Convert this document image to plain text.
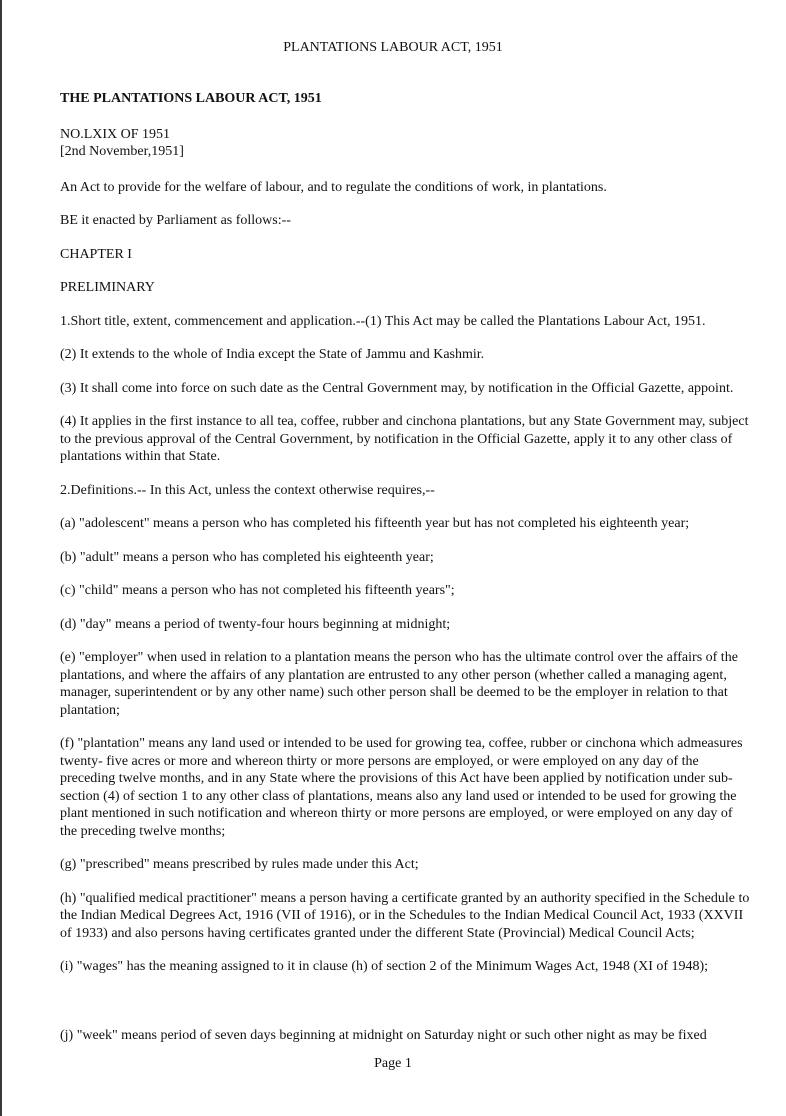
PLANTATIONS LABOUR ACT, 1951

THE PLANTATIONS LABOUR ACT, 1951

NO.LXIX OF 1951

[2nd November,1951]

An Act to provide for the welfare of labour, and to regulate the conditions of work, in plantations.

BE it enacted by Parliament as follows:--

CHAPTER I

PRELIMINARY

1.Short title, extent, commencement and application.--(1) This Act may be called the Plantations Labour Act, 1951.

(2) It extends to the whole of India except the State of Jammu and Kashmir.

(3) It shall come into force on such date as the Central Government may, by notification in the Official Gazette, appoint.

(4) It applies in the first instance to all tea, coffee, rubber and cinchona plantations, but any State Government may, subject to the previous approval of the Central Government, by notification in the Official Gazette, apply it to any other class of plantations within that State.

2.Definitions.-- In this Act, unless the context otherwise requires,--

(a) "adolescent" means a person who has completed his fifteenth year but has not completed his eighteenth year;

(b) "adult" means a person who has completed his eighteenth year;

(c) "child" means a person who has not completed his fifteenth years";

(d) "day" means a period of twenty-four hours beginning at midnight;

(e) "employer" when used in relation to a plantation means the person who has the ultimate control over the affairs of the plantations, and where the affairs of any plantation are entrusted to any other person (whether called a managing agent, manager, superintendent or by any other name) such other person shall be deemed to be the employer in relation to that plantation;

(f) "plantation" means any land used or intended to be used for growing tea, coffee, rubber or cinchona which admeasures twenty- five acres or more and whereon thirty or more persons are employed, or were employed on any day of the preceding twelve months, and in any State where the provisions of this Act have been applied by notification under sub-section (4) of section 1 to any other class of plantations, means also any land used or intended to be used for growing the plant mentioned in such notification and whereon thirty or more persons are employed, or were employed on any day of the preceding twelve months;

(g) "prescribed" means prescribed by rules made under this Act;

(h) "qualified medical practitioner" means a person having a certificate granted by an authority specified in the Schedule to the Indian Medical Degrees Act, 1916 (VII of 1916), or in the Schedules to the Indian Medical Council Act, 1933 (XXVII of 1933) and also persons having certificates granted under the different State (Provincial) Medical Council Acts;

(i) "wages" has the meaning assigned to it in clause (h) of section 2 of the Minimum Wages Act, 1948 (XI of 1948);

(j) "week" means period of seven days beginning at midnight on Saturday night or such other night as may be fixed
Page 1
